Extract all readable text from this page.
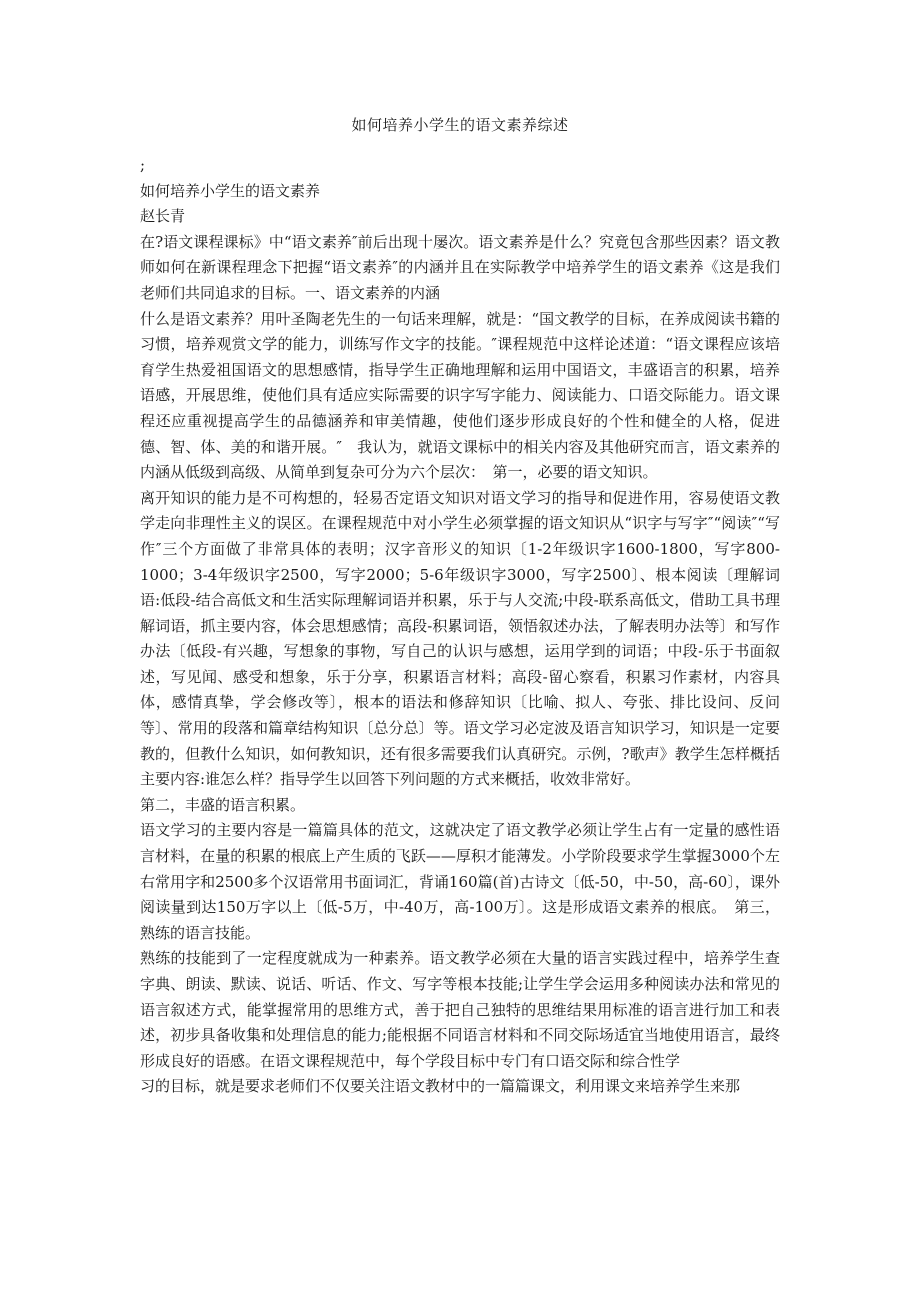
如何培养小学生的语文素养综述

;

如何培养小学生的语文素养

赵长青

在?语文课程课标》中“语文素养″前后出现十屡次。语文素养是什么？究竟包含那些因素？语文教师如何在新课程理念下把握“语文素养″的内涵并且在实际教学中培养学生的语文素养《这是我们老师们共同追求的目标。一、语文素养的内涵

什么是语文素养？用叶圣陶老先生的一句话来理解，就是：“国文教学的目标，在养成阅读书籍的习惯，培养观赏文学的能力，训练写作文字的技能。″课程规范中这样论述道：“语文课程应该培育学生热爱祖国语文的思想感情，指导学生正确地理解和运用中国语文，丰盛语言的积累，培养语感，开展思维，使他们具有适应实际需要的识字写字能力、阅读能力、口语交际能力。语文课程还应重视提高学生的品德涵养和审美情趣，使他们逐步形成良好的个性和健全的人格，促进德、智、体、美的和谐开展。″　我认为，就语文课标中的相关内容及其他研究而言，语文素养的内涵从低级到高级、从简单到复杂可分为六个层次：　第一，必要的语文知识。

离开知识的能力是不可构想的，轻易否定语文知识对语文学习的指导和促进作用，容易使语文教学走向非理性主义的误区。在课程规范中对小学生必须掌握的语文知识从“识字与写字″“阅读″“写作″三个方面做了非常具体的表明；汉字音形义的知识〔1-2年级识字1600-1800，写字800-1000；3-4年级识字2500，写字2000；5-6年级识字3000，写字2500〕、根本阅读〔理解词语:低段-结合高低文和生活实际理解词语并积累，乐于与人交流;中段-联系高低文，借助工具书理解词语，抓主要内容，体会思想感情；高段-积累词语，领悟叙述办法，了解表明办法等〕和写作办法〔低段-有兴趣，写想象的事物，写自己的认识与感想，运用学到的词语；中段-乐于书面叙述，写见闻、感受和想象，乐于分享，积累语言材料；高段-留心察看，积累习作素材，内容具体，感情真挚，学会修改等〕，根本的语法和修辞知识〔比喻、拟人、夸张、排比设问、反问等〕、常用的段落和篇章结构知识〔总分总〕等。语文学习必定波及语言知识学习，知识是一定要教的，但教什么知识，如何教知识，还有很多需要我们认真研究。示例，?歌声》教学生怎样概括主要内容:谁怎么样？指导学生以回答下列问题的方式来概括，收效非常好。

第二，丰盛的语言积累。

语文学习的主要内容是一篇篇具体的范文，这就决定了语文教学必须让学生占有一定量的感性语言材料，在量的积累的根底上产生质的飞跃——厚积才能薄发。小学阶段要求学生掌握3000个左右常用字和2500多个汉语常用书面词汇，背诵160篇(首)古诗文〔低-50，中-50，高-60〕，课外阅读量到达150万字以上〔低-5万，中-40万，高-100万〕。这是形成语文素养的根底。　第三，熟练的语言技能。

熟练的技能到了一定程度就成为一种素养。语文教学必须在大量的语言实践过程中，培养学生查字典、朗读、默读、说话、听话、作文、写字等根本技能;让学生学会运用多种阅读办法和常见的语言叙述方式，能掌握常用的思维方式，善于把自己独特的思维结果用标准的语言进行加工和表述，初步具备收集和处理信息的能力;能根据不同语言材料和不同交际场适宜当地使用语言，最终形成良好的语感。在语文课程规范中，每个学段目标中专门有口语交际和综合性学

习的目标，就是要求老师们不仅要关注语文教材中的一篇篇课文，利用课文来培养学生来那
